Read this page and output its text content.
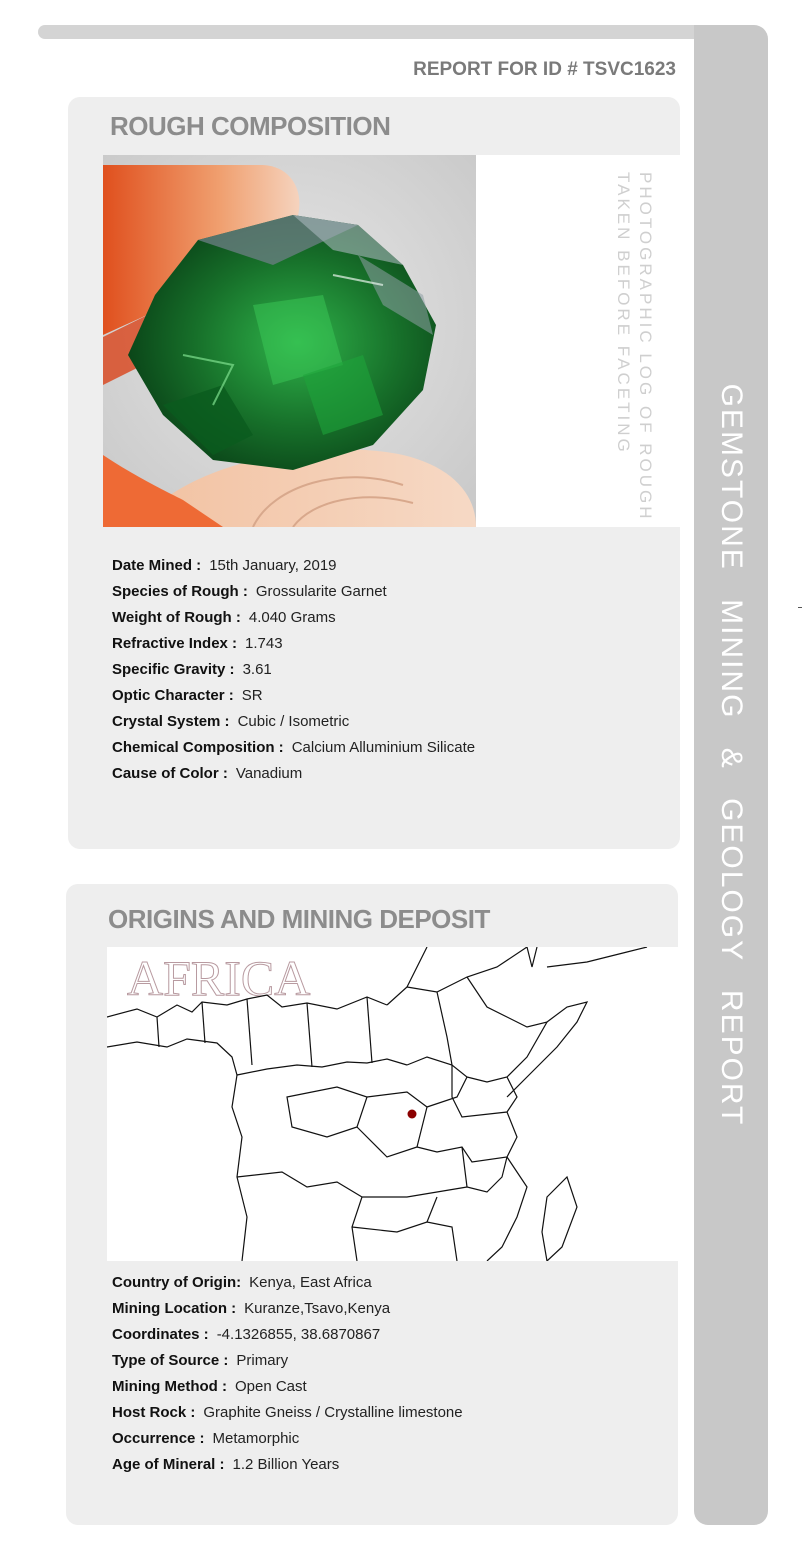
GEMSTONE MINING & GEOLOGY REPORT
REPORT FOR ID # TSVC1623
ROUGH COMPOSITION
PHOTOGRAPHIC LOG OF ROUGH
TAKEN BEFORE FACETING
Date Mined : 15th January, 2019
Species of Rough : Grossularite Garnet
Weight of Rough : 4.040 Grams
Refractive Index : 1.743
Specific Gravity : 3.61
Optic Character : SR
Crystal System : Cubic / Isometric
Chemical Composition : Calcium Alluminium Silicate
Cause of Color : Vanadium
ORIGINS AND MINING DEPOSIT
AFRICA
Country of Origin: Kenya, East Africa
Mining Location : Kuranze,Tsavo,Kenya
Coordinates : -4.1326855, 38.6870867
Type of Source : Primary
Mining Method : Open Cast
Host Rock : Graphite Gneiss / Crystalline limestone
Occurrence : Metamorphic
Age of Mineral : 1.2 Billion Years
